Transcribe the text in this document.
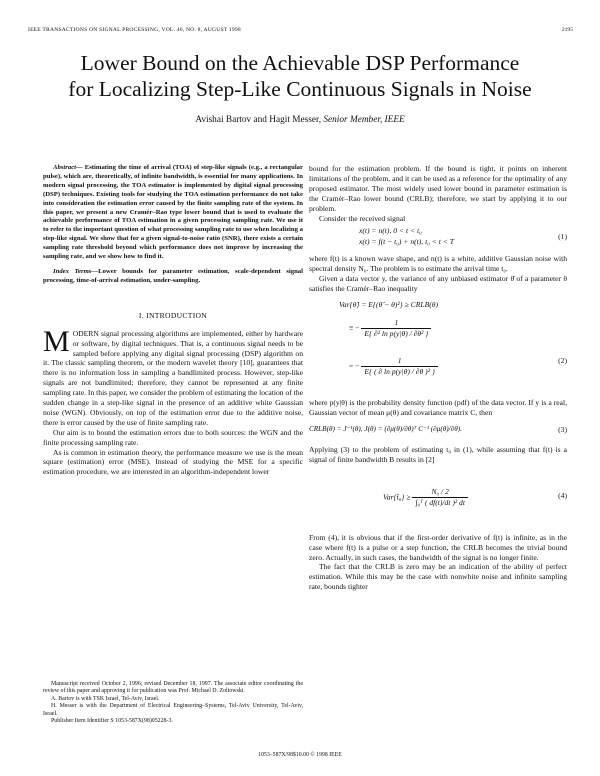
IEEE TRANSACTIONS ON SIGNAL PROCESSING, VOL. 46, NO. 8, AUGUST 1998	2195
Lower Bound on the Achievable DSP Performance
for Localizing Step-Like Continuous Signals in Noise
Avishai Bartov and Hagit Messer, Senior Member, IEEE

Abstract— Estimating the time of arrival (TOA) of step-like signals (e.g., a rectangular pulse), which are, theoretically, of infinite bandwidth, is essential for many applications. In modern signal processing, the TOA estimator is implemented by digital signal processing (DSP) techniques. Existing tools for studying the TOA estimation performance do not take into consideration the estimation error caused by the finite sampling rate of the system. In this paper, we present a new Cramér–Rao type lower bound that is used to evaluate the achievable performance of TOA estimation in a given processing sampling rate. We use it to refer to the important question of what processing sampling rate to use when localizing a step-like signal. We show that for a given signal-to-noise ratio (SNR), there exists a certain sampling rate threshold beyond which performance does not improve by increasing the sampling rate, and we show how to find it.

Index Terms—Lower bounds for parameter estimation, scale-dependent signal processing, time-of-arrival estimation, under-sampling.

I. INTRODUCTION

MODERN signal processing algorithms are implemented, either by hardware or software, by digital techniques. That is, a continuous signal needs to be sampled before applying any digital signal processing (DSP) algorithm on it. The classic sampling theorem, or the modern wavelet theory [10], guarantees that there is no information loss in sampling a bandlimited process. However, step-like signals are not bandlimited; therefore, they cannot be represented at any finite sampling rate. In this paper, we consider the problem of estimating the location of the sudden change in a step-like signal in the presence of an additive white Gaussian noise (WGN). Obviously, on top of the estimation error due to the additive noise, there is error caused by the use of finite sampling rate.

Our aim is to bound the estimation errors due to both sources: the WGN and the finite processing sampling rate.

As is common in estimation theory, the performance measure we use is the mean square (estimation) error (MSE). Instead of studying the MSE for a specific estimation procedure, we are interested in an algorithm-independent lower

Manuscript received October 2, 1996; revised December 18, 1997. The associate editor coordinating the review of this paper and approving it for publication was Prof. Michael D. Zoltowski.

A. Bartov is with TSK Israel, Tel-Aviv, Israel.

H. Messer is with the Department of Electrical Engineering–Systems, Tel-Aviv University, Tel-Aviv, Israel.

Publisher Item Identifier S 1053-587X(98)05228-3.

bound for the estimation problem. If the bound is tight, it points on inherent limitations of the problem, and it can be used as a reference for the optimality of any proposed estimator. The most widely used lower bound in parameter estimation is the Cramér–Rao lower bound (CRLB); therefore, we start by applying it to our problem.

Consider the received signal

x(t) = n(t), 0 < t < t₀
x(t) = f(t − t₀) + n(t), t₀ < t < T
(1)

where f(t) is a known wave shape, and n(t) is a white, additive Gaussian noise with spectral density N₀. The problem is to estimate the arrival time t₀.

Given a data vector y, the variance of any unbiased estimator θ̂ of a parameter θ satisfies the Cramér–Rao inequality

Var{θ̂} = E{(θ̂ − θ)²} ≥ CRLB(θ)
≡ − $\frac{1}{\text{E\{ ∂² ln p(y|θ) / ∂θ² \}}}$
= − $\frac{1}{\text{E\{ ( ∂ ln p(y|θ) / ∂θ )² \}}}$	(2)

where p(y|θ) is the probability density function (pdf) of the data vector. If y is a real, Gaussian vector of mean μ(θ) and covariance matrix C, then

CRLB(θ) = J⁻¹(θ), J(θ) = (∂μ(θ)/∂θ)ᵀ C⁻¹ (∂μ(θ)/∂θ).	(3)

Applying (3) to the problem of estimating t₀ in (1), while assuming that f(t) is a signal of finite bandwidth B results in [2]

Var{t̂₀} ≥ $\frac{\text{N₀ / 2}}{\text{∫₀ᵀ ( df(t)/dt )² dt}}$	(4)

From (4), it is obvious that if the first-order derivative of f(t) is infinite, as in the case where f(t) is a pulse or a step function, the CRLB becomes the trivial bound zero. Actually, in such cases, the bandwidth of the signal is no longer finite.

The fact that the CRLB is zero may be an indication of the ability of perfect estimation. While this may be the case with nonwhite noise and infinite sampling rate, bounds tighter

1053–587X/98$10.00 © 1998 IEEE
